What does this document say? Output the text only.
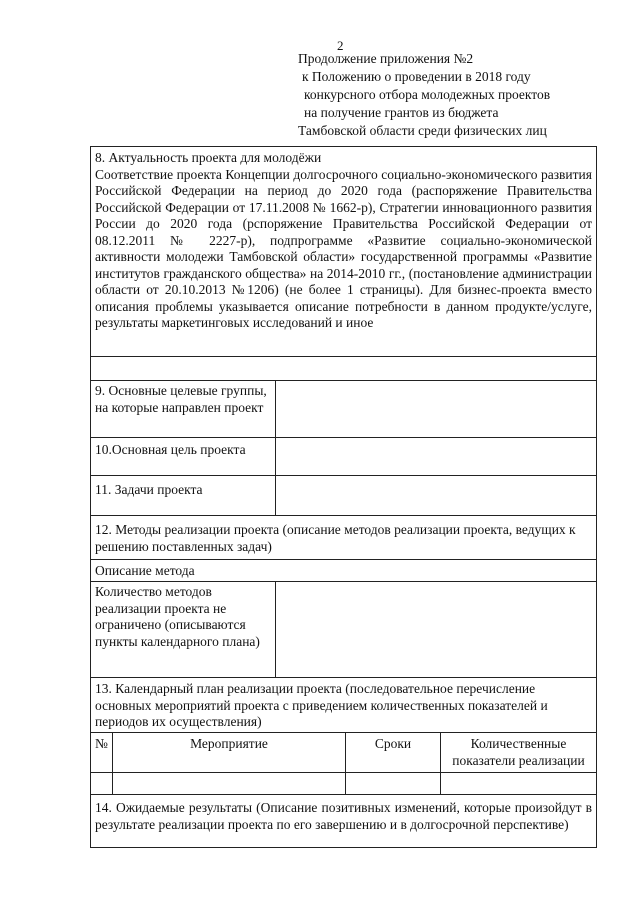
2
Продолжение приложения №2
к Положению о проведении в 2018 году
конкурсного отбора молодежных проектов
на получение грантов из бюджета
Тамбовской области среди физических лиц
8. Актуальность проекта для молодёжи
Соответствие проекта Концепции долгосрочного социально-экономического развития Российской Федерации на период до 2020 года (распоряжение Правительства Российской Федерации от 17.11.2008 № 1662-р), Стратегии инновационного развития России до 2020 года (рспоряжение Правительства Российской Федерации от 08.12.2011 № 2227-р), подпрограмме «Развитие социально-экономической активности молодежи Тамбовской области» государственной программы «Развитие институтов гражданского общества» на 2014-2010 гг., (постановление администрации области от 20.10.2013 №1206) (не более 1 страницы). Для бизнес-проекта вместо описания проблемы указывается описание потребности в данном продукте/услуге, результаты маркетинговых исследований и иное
9. Основные целевые группы, на которые направлен проект
10.Основная цель проекта
11. Задачи проекта
12. Методы реализации проекта (описание методов реализации проекта, ведущих к решению поставленных задач)
Описание метода
Количество методов реализации проекта не ограничено (описываются пункты календарного плана)
13. Календарный план реализации проекта (последовательное перечисление основных мероприятий проекта с приведением количественных показателей и периодов их осуществления)
№	Мероприятие	Сроки	Количественные показатели реализации
14. Ожидаемые результаты (Описание позитивных изменений, которые произойдут в результате реализации проекта по его завершению и в долгосрочной перспективе)
